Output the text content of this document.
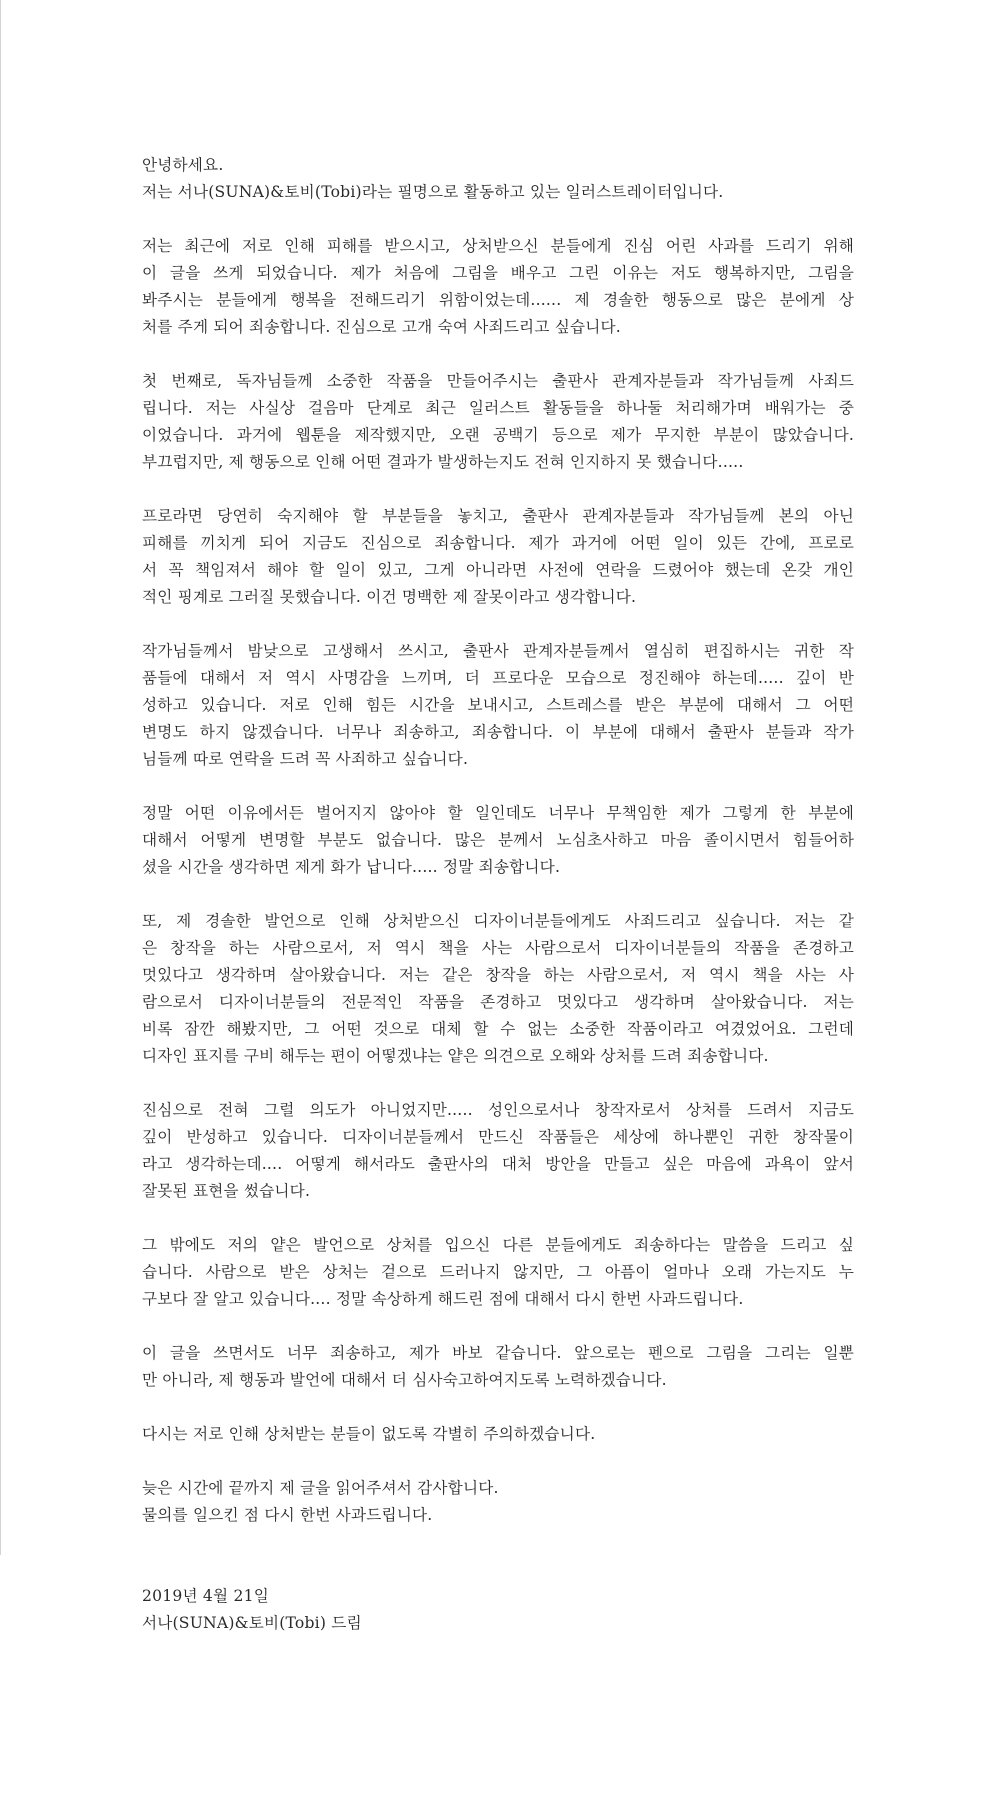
안녕하세요.
저는 서나(SUNA)&토비(Tobi)라는 필명으로 활동하고 있는 일러스트레이터입니다.

저는 최근에 저로 인해 피해를 받으시고, 상처받으신 분들에게 진심 어린 사과를 드리기 위해
이 글을 쓰게 되었습니다. 제가 처음에 그림을 배우고 그린 이유는 저도 행복하지만, 그림을
봐주시는 분들에게 행복을 전해드리기 위함이었는데...... 제 경솔한 행동으로 많은 분에게 상
처를 주게 되어 죄송합니다. 진심으로 고개 숙여 사죄드리고 싶습니다.

첫 번째로, 독자님들께 소중한 작품을 만들어주시는 출판사 관계자분들과 작가님들께 사죄드
립니다. 저는 사실상 걸음마 단계로 최근 일러스트 활동들을 하나둘 처리해가며 배워가는 중
이었습니다. 과거에 웹툰을 제작했지만, 오랜 공백기 등으로 제가 무지한 부분이 많았습니다.
부끄럽지만, 제 행동으로 인해 어떤 결과가 발생하는지도 전혀 인지하지 못 했습니다.....

프로라면 당연히 숙지해야 할 부분들을 놓치고, 출판사 관계자분들과 작가님들께 본의 아닌
피해를 끼치게 되어 지금도 진심으로 죄송합니다. 제가 과거에 어떤 일이 있든 간에, 프로로
서 꼭 책임져서 해야 할 일이 있고, 그게 아니라면 사전에 연락을 드렸어야 했는데 온갖 개인
적인 핑계로 그러질 못했습니다. 이건 명백한 제 잘못이라고 생각합니다.

작가님들께서 밤낮으로 고생해서 쓰시고, 출판사 관계자분들께서 열심히 편집하시는 귀한 작
품들에 대해서 저 역시 사명감을 느끼며, 더 프로다운 모습으로 정진해야 하는데..... 깊이 반
성하고 있습니다. 저로 인해 힘든 시간을 보내시고, 스트레스를 받은 부분에 대해서 그 어떤
변명도 하지 않겠습니다. 너무나 죄송하고, 죄송합니다. 이 부분에 대해서 출판사 분들과 작가
님들께 따로 연락을 드려 꼭 사죄하고 싶습니다.

정말 어떤 이유에서든 벌어지지 않아야 할 일인데도 너무나 무책임한 제가 그렇게 한 부분에
대해서 어떻게 변명할 부분도 없습니다. 많은 분께서 노심초사하고 마음 졸이시면서 힘들어하
셨을 시간을 생각하면 제게 화가 납니다..... 정말 죄송합니다.

또, 제 경솔한 발언으로 인해 상처받으신 디자이너분들에게도 사죄드리고 싶습니다. 저는 같
은 창작을 하는 사람으로서, 저 역시 책을 사는 사람으로서 디자이너분들의 작품을 존경하고
멋있다고 생각하며 살아왔습니다. 저는 같은 창작을 하는 사람으로서, 저 역시 책을 사는 사
람으로서 디자이너분들의 전문적인 작품을 존경하고 멋있다고 생각하며 살아왔습니다. 저는
비록 잠깐 해봤지만, 그 어떤 것으로 대체 할 수 없는 소중한 작품이라고 여겼었어요. 그런데
디자인 표지를 구비 해두는 편이 어떻겠냐는 얕은 의견으로 오해와 상처를 드려 죄송합니다.

진심으로 전혀 그럴 의도가 아니었지만..... 성인으로서나 창작자로서 상처를 드려서 지금도
깊이 반성하고 있습니다. 디자이너분들께서 만드신 작품들은 세상에 하나뿐인 귀한 창작물이
라고 생각하는데.... 어떻게 해서라도 출판사의 대처 방안을 만들고 싶은 마음에 과욕이 앞서
잘못된 표현을 썼습니다.

그 밖에도 저의 얕은 발언으로 상처를 입으신 다른 분들에게도 죄송하다는 말씀을 드리고 싶
습니다. 사람으로 받은 상처는 겉으로 드러나지 않지만, 그 아픔이 얼마나 오래 가는지도 누
구보다 잘 알고 있습니다.... 정말 속상하게 해드린 점에 대해서 다시 한번 사과드립니다.

이 글을 쓰면서도 너무 죄송하고, 제가 바보 같습니다. 앞으로는 펜으로 그림을 그리는 일뿐
만 아니라, 제 행동과 발언에 대해서 더 심사숙고하여지도록 노력하겠습니다.

다시는 저로 인해 상처받는 분들이 없도록 각별히 주의하겠습니다.

늦은 시간에 끝까지 제 글을 읽어주셔서 감사합니다.
물의를 일으킨 점 다시 한번 사과드립니다.

2019년 4월 21일
서나(SUNA)&토비(Tobi) 드림
